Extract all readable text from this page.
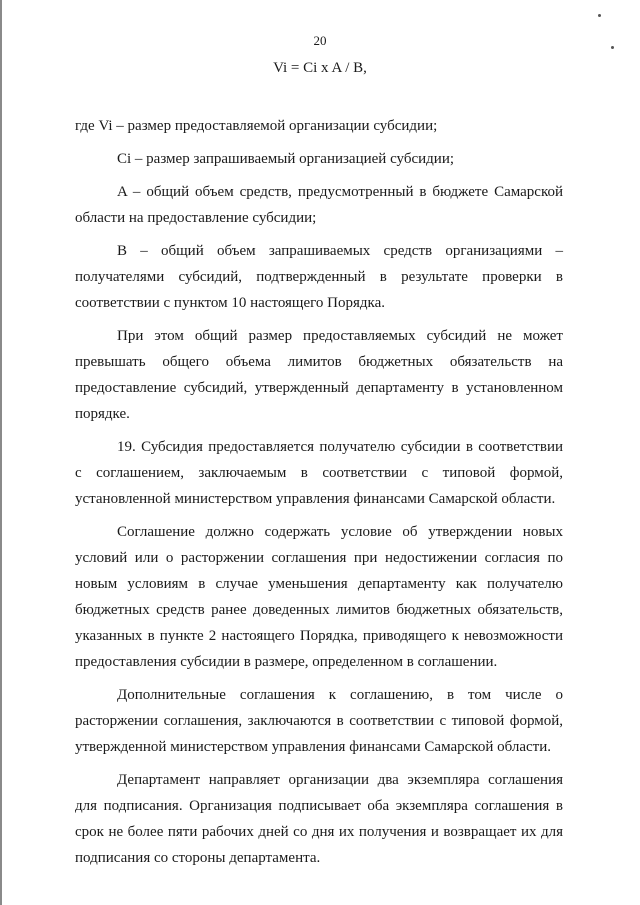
20
Vi = Ci x A / B,

где Vi – размер предоставляемой организации субсидии;

Ci – размер запрашиваемый организацией субсидии;

A – общий объем средств, предусмотренный в бюджете Самарской области на предоставление субсидии;

B – общий объем запрашиваемых средств организациями – получателями субсидий, подтвержденный в результате проверки в соответствии с пунктом 10 настоящего Порядка.

При этом общий размер предоставляемых субсидий не может превышать общего объема лимитов бюджетных обязательств на предоставление субсидий, утвержденный департаменту в установленном порядке.

19. Субсидия предоставляется получателю субсидии в соответствии с соглашением, заключаемым в соответствии с типовой формой, установленной министерством управления финансами Самарской области.

Соглашение должно содержать условие об утверждении новых условий или о расторжении соглашения при недостижении согласия по новым условиям в случае уменьшения департаменту как получателю бюджетных средств ранее доведенных лимитов бюджетных обязательств, указанных в пункте 2 настоящего Порядка, приводящего к невозможности предоставления субсидии в размере, определенном в соглашении.

Дополнительные соглашения к соглашению, в том числе о расторжении соглашения, заключаются в соответствии с типовой формой, утвержденной министерством управления финансами Самарской области.

Департамент направляет организации два экземпляра соглашения для подписания. Организация подписывает оба экземпляра соглашения в срок не более пяти рабочих дней со дня их получения и возвращает их для подписания со стороны департамента.
